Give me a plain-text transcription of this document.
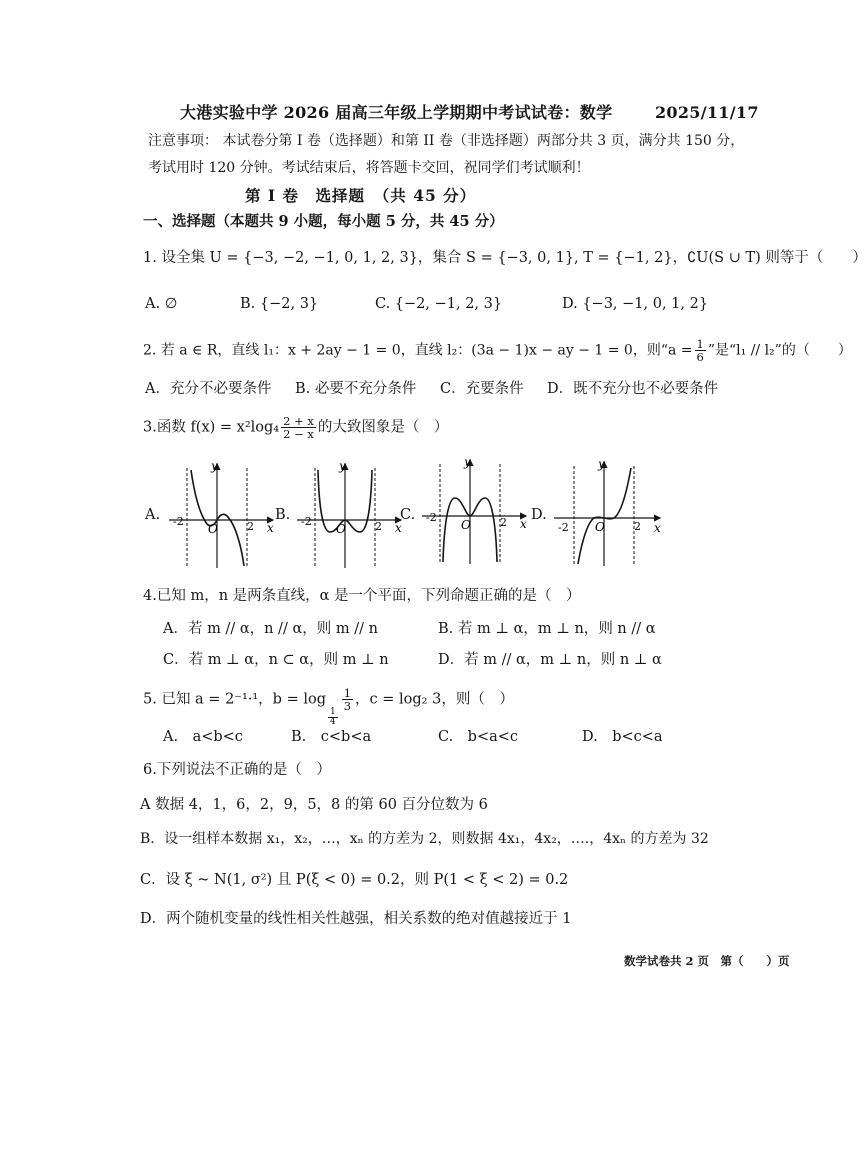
大港实验中学 2026 届高三年级上学期期中考试试卷：数学	2025/11/17
注意事项： 本试卷分第 I 卷（选择题）和第 II 卷（非选择题）两部分共 3 页，满分共 150 分，
考试用时 120 分钟。考试结束后，将答题卡交回，祝同学们考试顺利！
第 I 卷　选择题　（共 45 分）
一、选择题（本题共 9 小题，每小题 5 分，共 45 分）
1. 设全集 U = {−3, −2, −1, 0, 1, 2, 3}，集合 S = {−3, 0, 1}, T = {−1, 2}，∁U(S ∪ T) 则等于（　　）
A. ∅	B. {−2, 3}	C. {−2, −1, 2, 3}	D. {−3, −1, 0, 1, 2}
2. 若 a ∈ R，直线 l₁：x + 2ay − 1 = 0，直线 l₂：(3a − 1)x − ay − 1 = 0，则“$a = \frac{1}{6}$ ”是“l₁ // l₂”的（　　）
A．充分不必要条件 B. 必要不充分条件 C．充要条件 D．既不充分也不必要条件
3.函数 $f(x) = x^2\log_4 \frac{2 + x}{2 - x}$ 的大致图象是（　）
A.	B.	C.	D.
y
x
O
-2	2
y
x
O
-2	2
y
x
O
-2	2
y
x
O
-2	2
4.已知 m，n 是两条直线，α 是一个平面，下列命题正确的是（　）
A．若 m // α，n // α，则 m // n	B. 若 m ⊥ α，m ⊥ n，则 n // α
C．若 m ⊥ α，n ⊂ α，则 m ⊥ n	D．若 m // α，m ⊥ n，则 n ⊥ α
5. 已知 a = 2⁻¹·¹，b = log
$\frac{1}{4}$
$\frac{1}{3}$ ，c = log₂ 3，则（　）
A.　a<b<c	B.　c<b<a	C.　b<a<c	D.　b<c<a
6.下列说法不正确的是（　）
A 数据 4，1，6，2，9，5，8 的第 60 百分位数为 6
B．设一组样本数据 x₁，x₂，…，xₙ 的方差为 2，则数据 4x₁，4x₂，….，4xₙ 的方差为 32
C．设 ξ ~ N(1, σ²) 且 P(ξ < 0) = 0.2，则 P(1 < ξ < 2) = 0.2
D．两个随机变量的线性相关性越强，相关系数的绝对值越接近于 1
数学试卷共 2 页　第（　　）页
